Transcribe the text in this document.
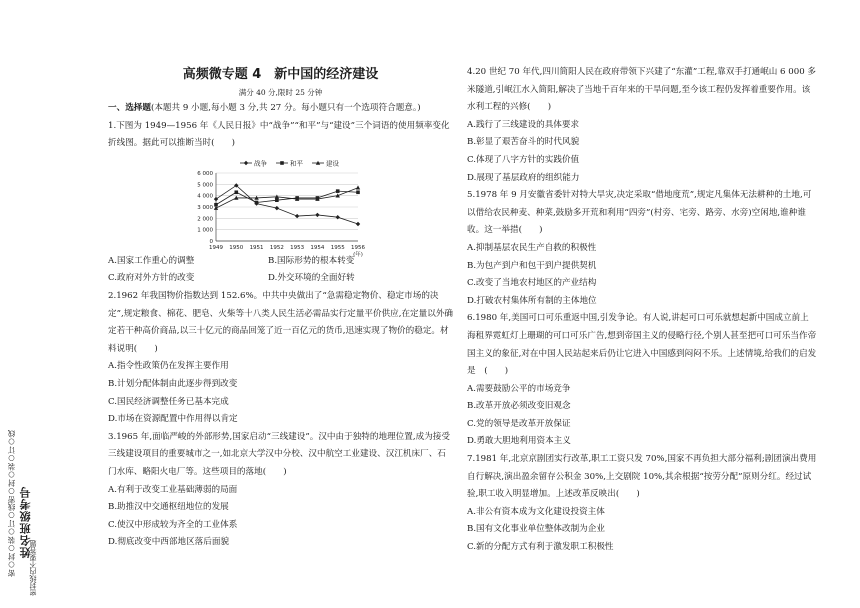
密○封○装○订○线密○封○装○订○线 姓名班级考号
密封线内不要答题
高频微专题 4　新中国的经济建设
满分 40 分,限时 25 分钟

一、选择题(本题共 9 小题,每小题 3 分,共 27 分。每小题只有一个选项符合题意。)

1.下图为 1949—1956 年《人民日报》中“战争”“和平”与“建设”三个词语的使用频率变化折线图。据此可以推断当时(　　)

0
1 000
2 000
3 000
4 000
5 000
6 000
1949 1950 1951 1952 1953 1954 1955 1956
(年)
战争	和平	建设
A.国家工作重心的调整	B.国际形势的根本转变
C.政府对外方针的改变	D.外交环境的全面好转

2.1962 年我国物价指数达到 152.6%。中共中央做出了“急需稳定物价、稳定市场的决定”,规定粮食、棉花、肥皂、火柴等十八类人民生活必需品实行定量平价供应,在定量以外确定若干种高价商品,以三十亿元的商品回笼了近一百亿元的货币,迅速实现了物价的稳定。材料说明(　　)

A.指令性政策仍在发挥主要作用

B.计划分配体制由此逐步得到改变

C.国民经济调整任务已基本完成

D.市场在资源配置中作用得以肯定

3.1965 年,面临严峻的外部形势,国家启动“三线建设”。汉中由于独特的地理位置,成为接受三线建设项目的重要城市之一,如北京大学汉中分校、汉中航空工业建设、汉江机床厂、石门水库、略阳火电厂等。这些项目的落地(　　)

A.有利于改变工业基础薄弱的局面

B.助推汉中交通枢纽地位的发展

C.使汉中形成较为齐全的工业体系

D.彻底改变中西部地区落后面貌

4.20 世纪 70 年代,四川简阳人民在政府带领下兴建了“东灌”工程,靠双手打通岷山 6 000 多米隧道,引岷江水入简阳,解决了当地千百年来的干旱问题,至今该工程仍发挥着重要作用。该水利工程的兴修(　　)

A.践行了三线建设的具体要求

B.彰显了艰苦奋斗的时代风貌

C.体现了八字方针的实践价值

D.展现了基层政府的组织能力

5.1978 年 9 月安徽省委针对特大旱灾,决定采取“借地度荒”,规定凡集体无法耕种的土地,可以借给农民种麦、种菜,鼓励多开荒和利用“四旁”(村旁、宅旁、路旁、水旁)空闲地,谁种谁收。这一举措(　　)

A.抑制基层农民生产自救的积极性

B.为包产到户和包干到户提供契机

C.改变了当地农村地区的产业结构

D.打破农村集体所有制的主体地位

6.1980 年,美国可口可乐重返中国,引发争论。有人说,讲起可口可乐就想起新中国成立前上海租界霓虹灯上珊瑚的可口可乐广告,想到帝国主义的侵略行径,个别人甚至把可口可乐当作帝国主义的象征,对在中国人民站起来后仍让它进入中国感到闷闷不乐。上述情境,给我们的启发是　(　　)

A.需要鼓励公平的市场竞争

B.改革开放必须改变旧观念

C.党的领导是改革开放保证

D.勇敢大胆地利用资本主义

7.1981 年,北京京剧团实行改革,职工工资只发 70%,国家不再负担大部分福利;剧团演出费用自行解决,演出盈余留存公积金 30%,上交剧院 10%,其余根据“按劳分配”原则分红。经过试验,职工收入明显增加。上述改革反映出(　　)

A.非公有资本成为文化建设投资主体

B.国有文化事业单位整体改制为企业

C.新的分配方式有利于激发职工积极性
